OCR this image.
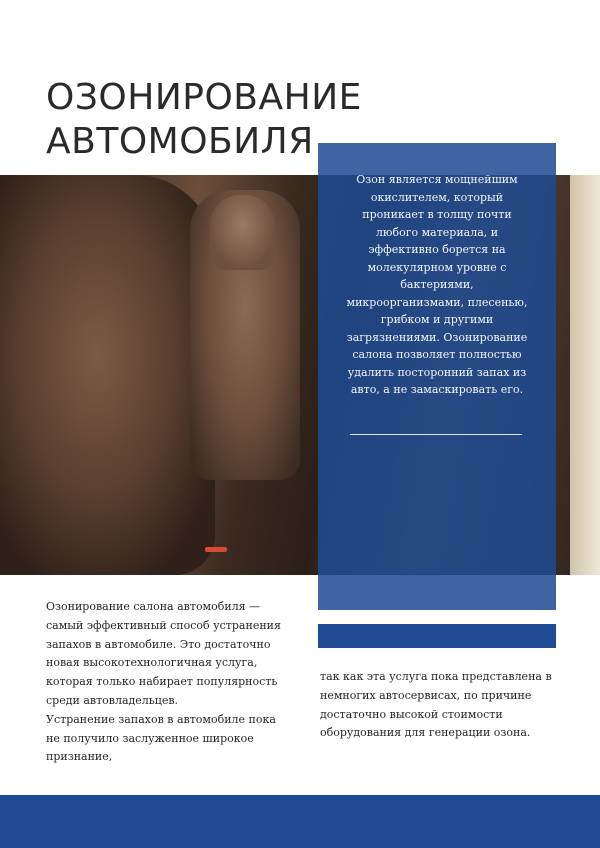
ОЗОНИРОВАНИЕ
АВТОМОБИЛЯ

Озон является мощнейшим окислителем, который проникает в толщу почти любого материала, и эффективно борется на молекулярном уровне с бактериями, микроорганизмами, плесенью, грибком и другими загрязнениями. Озонирование салона позволяет полностью удалить посторонний запах из авто, а не замаскировать его.

Озонирование салона автомобиля — самый эффективный способ устранения запахов в автомобиле. Это достаточно новая высокотехнологичная услуга, которая только набирает популярность среди автовладельцев.

Устранение запахов в автомобиле пока не получило заслуженное широкое признание,

так как эта услуга пока представлена в немногих автосервисах, по причине достаточно высокой стоимости оборудования для генерации озона.
